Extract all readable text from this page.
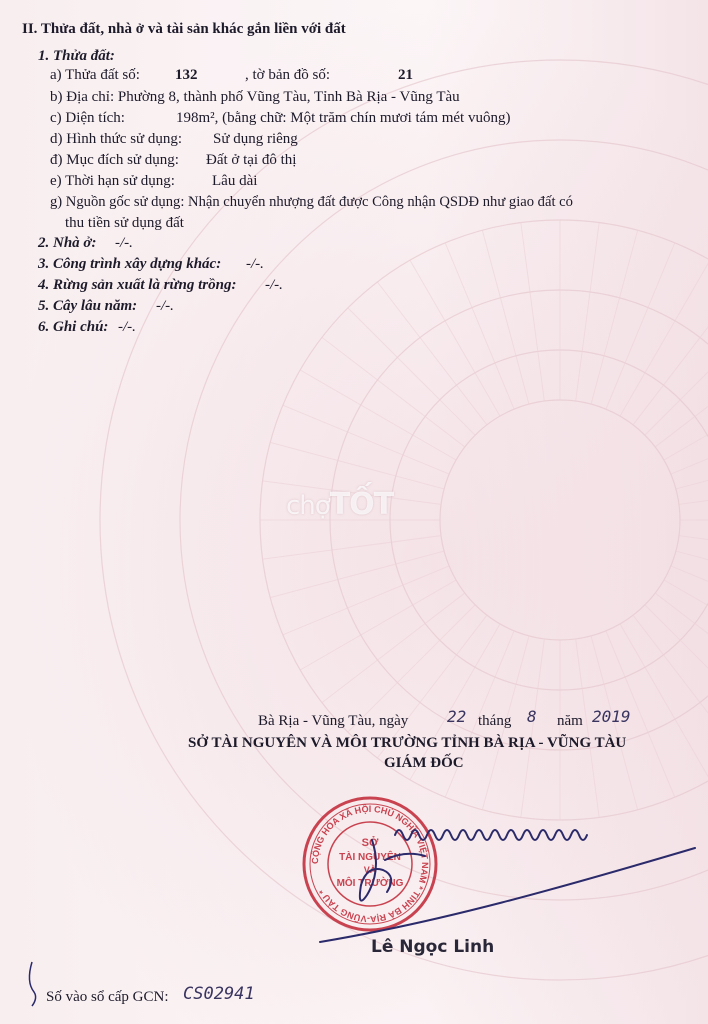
II. Thửa đất, nhà ở và tài sản khác gắn liền với đất
1. Thửa đất:
a) Thửa đất số: 132	, tờ bản đồ số:	21
b) Địa chỉ: Phường 8, thành phố Vũng Tàu, Tỉnh Bà Rịa - Vũng Tàu
c) Diện tích:	198m², (bằng chữ: Một trăm chín mươi tám mét vuông)
d) Hình thức sử dụng: Sử dụng riêng
đ) Mục đích sử dụng: Đất ở tại đô thị
e) Thời hạn sử dụng: Lâu dài
g) Nguồn gốc sử dụng: Nhận chuyển nhượng đất được Công nhận QSDĐ như giao đất có
thu tiền sử dụng đất
2. Nhà ở: -/-.
3. Công trình xây dựng khác: -/-.
4. Rừng sản xuất là rừng trồng: -/-.
5. Cây lâu năm: -/-.
6. Ghi chú: -/-.
chợTỐT
Bà Rịa - Vũng Tàu, ngày 22 tháng 8 năm 2019
SỞ TÀI NGUYÊN VÀ MÔI TRƯỜNG TỈNH BÀ RỊA - VŨNG TÀU
GIÁM ĐỐC
CỘNG HÒA XÃ HỘI CHỦ NGHĨA VIỆT NAM * TỈNH BÀ RỊA-VŨNG TÀU *
SỞ
TÀI NGUYÊN
VÀ
MÔI TRƯỜNG
Lê Ngọc Linh
Số vào sổ cấp GCN: CS02941
